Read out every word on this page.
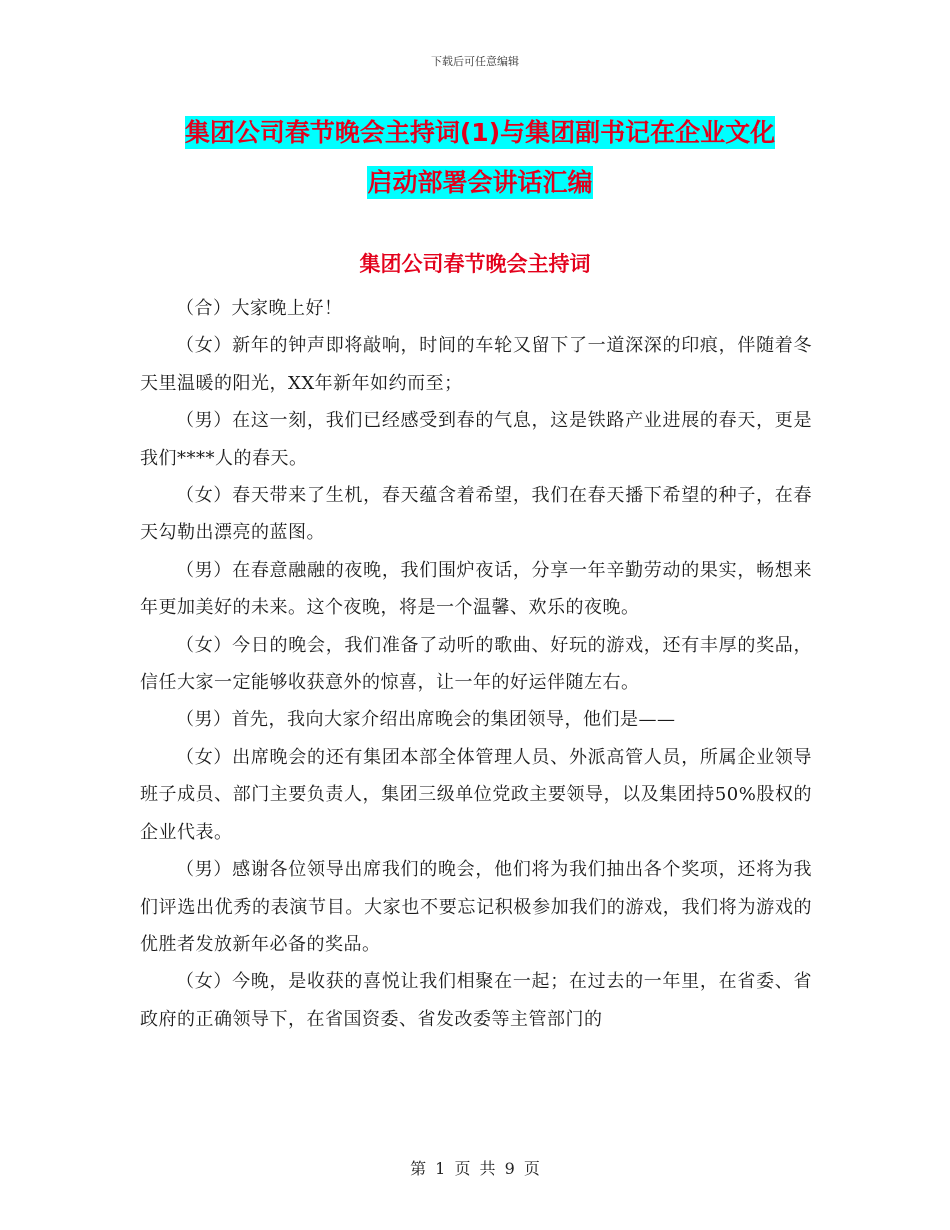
下载后可任意编辑
集团公司春节晚会主持词(1)与集团副书记在企业文化
启动部署会讲话汇编
集团公司春节晚会主持词

（合）大家晚上好！

（女）新年的钟声即将敲响，时间的车轮又留下了一道深深的印痕，伴随着冬天里温暖的阳光，XX年新年如约而至；

（男）在这一刻，我们已经感受到春的气息，这是铁路产业进展的春天，更是我们****人的春天。

（女）春天带来了生机，春天蕴含着希望，我们在春天播下希望的种子，在春天勾勒出漂亮的蓝图。

（男）在春意融融的夜晚，我们围炉夜话，分享一年辛勤劳动的果实，畅想来年更加美好的未来。这个夜晚，将是一个温馨、欢乐的夜晚。

（女）今日的晚会，我们准备了动听的歌曲、好玩的游戏，还有丰厚的奖品，信任大家一定能够收获意外的惊喜，让一年的好运伴随左右。

（男）首先，我向大家介绍出席晚会的集团领导，他们是——

（女）出席晚会的还有集团本部全体管理人员、外派高管人员，所属企业领导班子成员、部门主要负责人，集团三级单位党政主要领导，以及集团持50%股权的企业代表。

（男）感谢各位领导出席我们的晚会，他们将为我们抽出各个奖项，还将为我们评选出优秀的表演节目。大家也不要忘记积极参加我们的游戏，我们将为游戏的优胜者发放新年必备的奖品。

（女）今晚，是收获的喜悦让我们相聚在一起；在过去的一年里，在省委、省政府的正确领导下，在省国资委、省发改委等主管部门的

第 1 页 共 9 页
